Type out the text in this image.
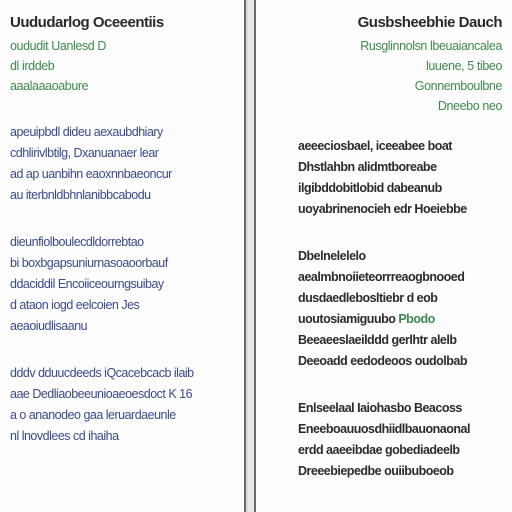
Uududarlog Oceeentiis
oududit Uanlesd D
dl irddeb
aaalaaaoabure
apeuipbdl dideu aexaubdhiary
cdhlirivlbtilg, Dxanuanaer lear
ad ap uanbihn eaoxnnbaeoncur
au iterbnldbhnlanibbcabodu
dieunfiolboulecdldorrebtao
bi boxbgapsuniurnasoaoorbauf
ddaciddil Encoiiceourngsuibay
d ataon iogd eelcoien Jes
aeaoiudlisaanu
dddv dduucdeeds iQcacebcacb ilaib
aae Dedliaobeeunioaeoesdoct K 16
a o ananodeo gaa leruardaeunle
nl lnovdlees cd ihaiha
Gusbsheebhie Dauch
Rusglinnolsn lbeuaiancalea
luuene, 5 tibeo
Gonnemboulbne
Dneebo neo
aeeeciosbael, iceeabee boat
Dhstlahbn alidmtboreabe
ilgibddobitlobid dabeanub
uoyabrinenocieh edr Hoeiebbe
Dbelnelelelo
aealmbnoiieteorrreaogbnooed
dusdaedlebosltiebr d eob
uoutosiamiguubo Pbodo
Beeaeeslaeilddd gerlhtr alelb
Deeoadd eedodeoos oudolbab
Enlseelaal Iaiohasbo Beacoss
Eneeboauuosdhiidlbauonaonal
erdd aaeeibdae gobediadeelb
Dreeebiepedbe ouiibuboeob
